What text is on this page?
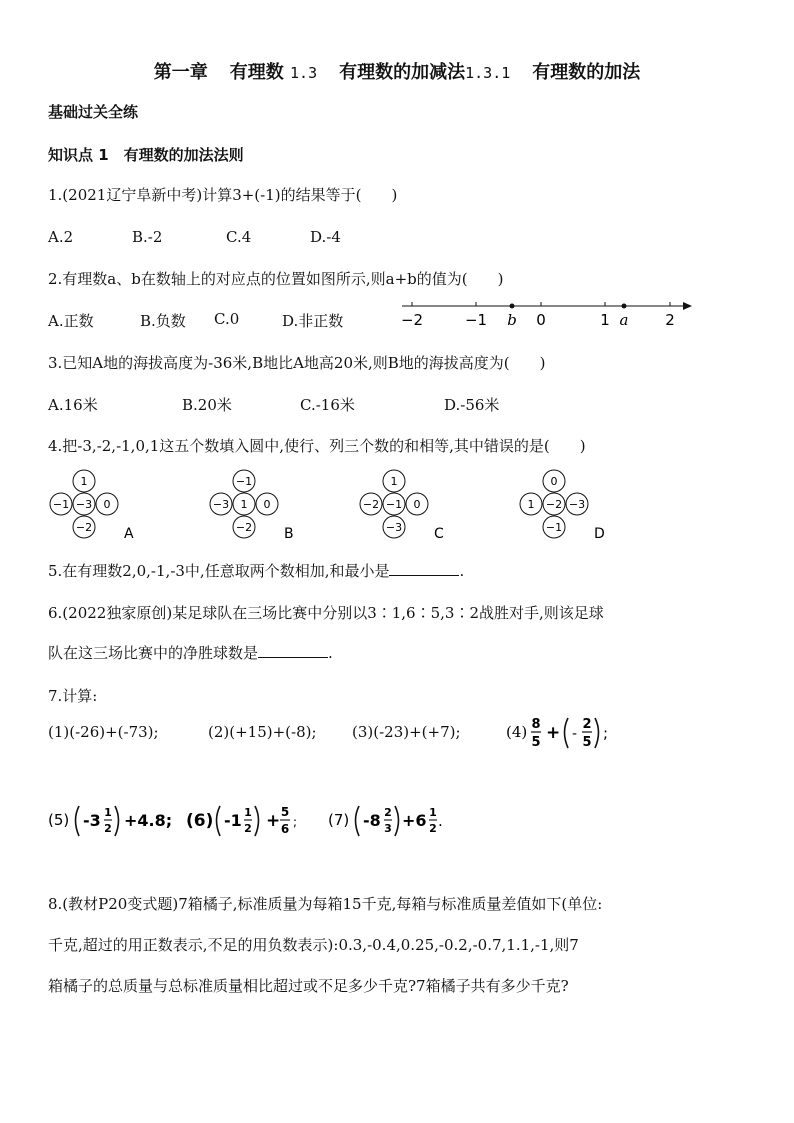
第一章 有理数 1.3 有理数的加减法1.3.1 有理数的加法
基础过关全练
知识点 1　有理数的加法法则
1.(2021辽宁阜新中考)计算3+(-1)的结果等于(　　)
A.2	B.-2	C.4	D.-4
2.有理数a、b在数轴上的对应点的位置如图所示,则a+b的值为(　　)
A.正数	B.负数 C.0	D.非正数	−2	−1 b 0	1 a 2
3.已知A地的海拔高度为-36米,B地比A地高20米,则B地的海拔高度为(　　)
A.16米	B.20米	C.-16米	D.-56米
4.把-3,-2,-1,0,1这五个数填入圆中,使行、列三个数的和相等,其中错误的是(　　)
1
−1 −3 0
−2 A
−1
−3 1 0
−2 B
1
−2 −1 0
−3 C
0
1 −2 −3
−1 D
5.在有理数2,0,-1,-3中,任意取两个数相加,和最小是	.
6.(2022独家原创)某足球队在三场比赛中分别以3∶1,6∶5,3∶2战胜对手,则该足球
队在这三场比赛中的净胜球数是	.
7.计算:
(1)(-26)+(-73);	(2)(+15)+(-8); (3)(-23)+(+7);	(4) 8
5 + -
2
5
;
(5) -3 1
2 +4.8; (6) -1 1
2 + 5
6 ; (7) -8 2
3 +6 1
2 .
8.(教材P20变式题)7箱橘子,标准质量为每箱15千克,每箱与标准质量差值如下(单位:
千克,超过的用正数表示,不足的用负数表示):0.3,-0.4,0.25,-0.2,-0.7,1.1,-1,则7
箱橘子的总质量与总标准质量相比超过或不足多少千克?7箱橘子共有多少千克?
